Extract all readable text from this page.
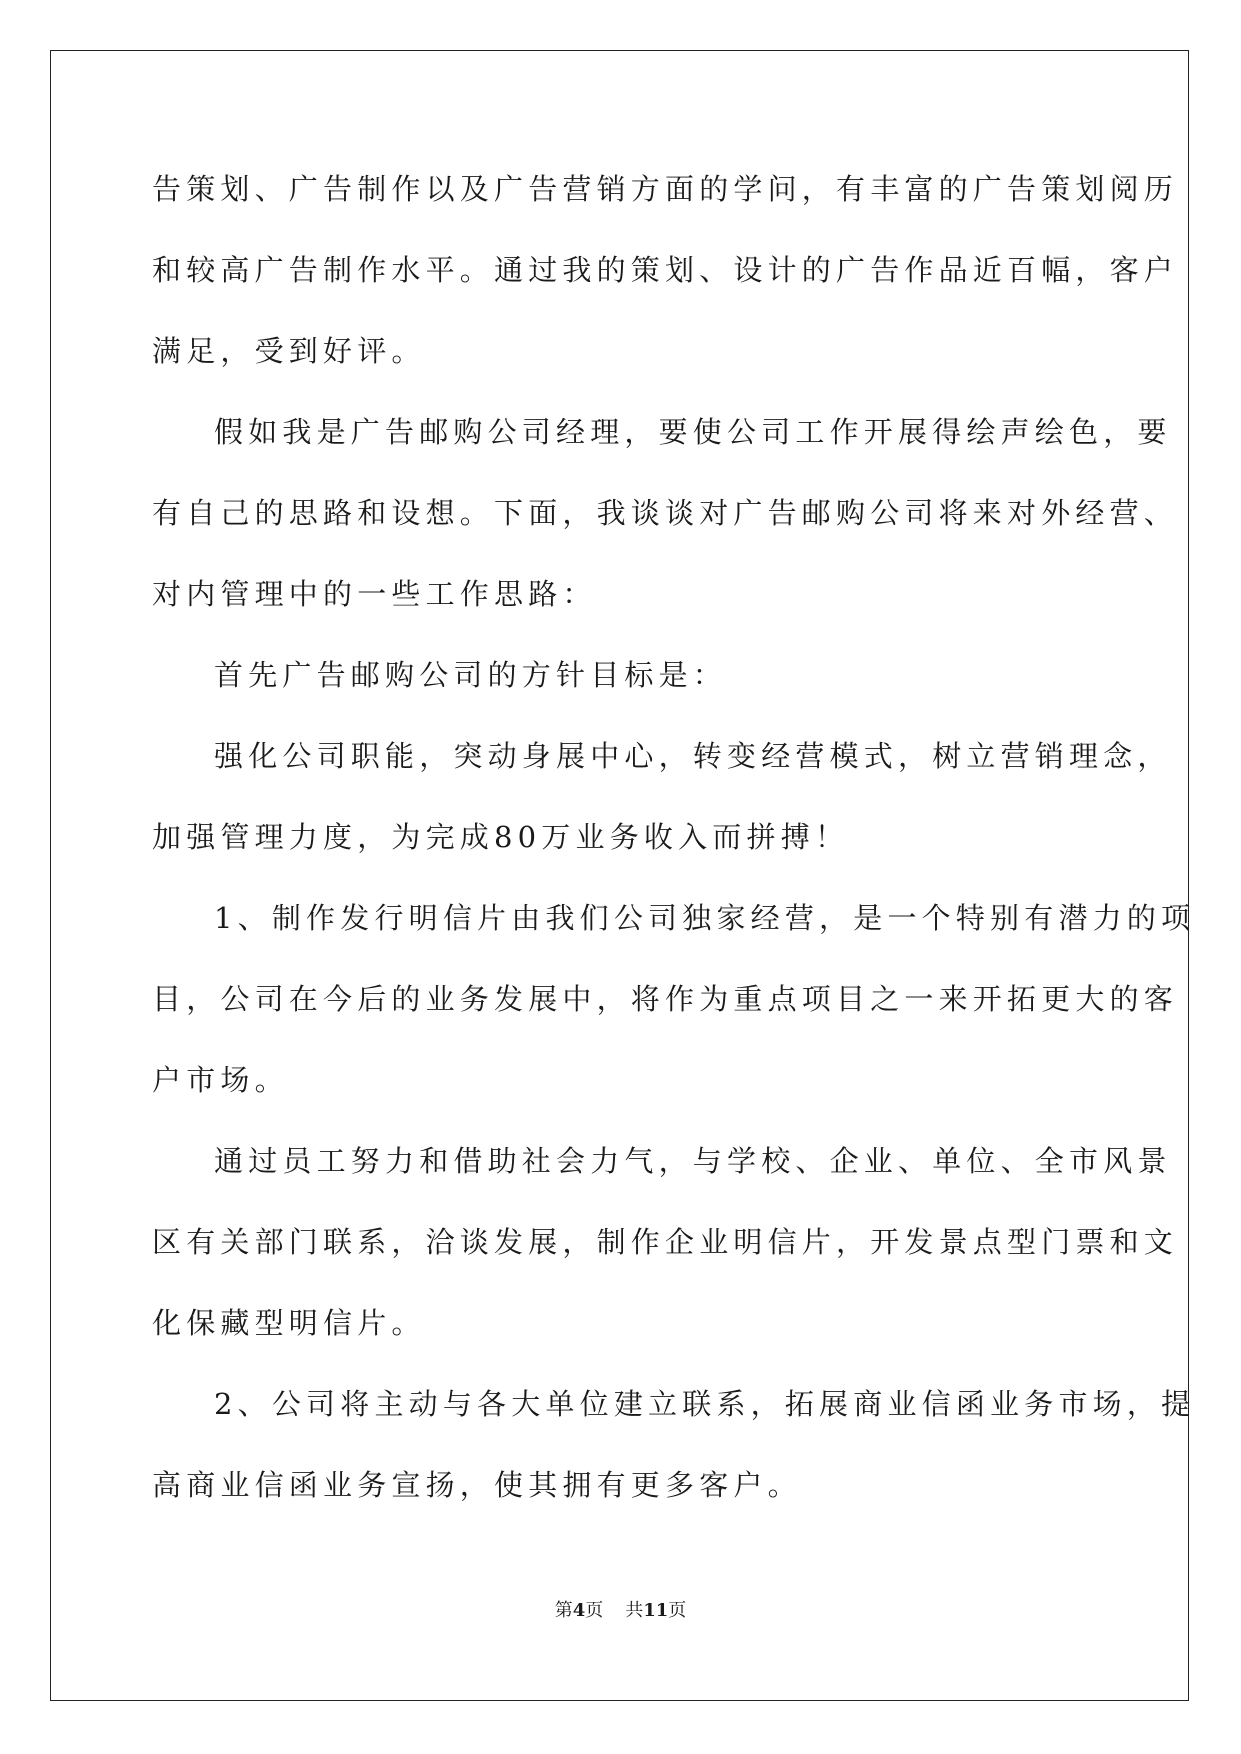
告策划、广告制作以及广告营销方面的学问，有丰富的广告策划阅历

和较高广告制作水平。通过我的策划、设计的广告作品近百幅，客户

满足，受到好评。

假如我是广告邮购公司经理，要使公司工作开展得绘声绘色，要

有自己的思路和设想。下面，我谈谈对广告邮购公司将来对外经营、

对内管理中的一些工作思路：

首先广告邮购公司的方针目标是：

强化公司职能，突动身展中心，转变经营模式，树立营销理念，

加强管理力度，为完成80万业务收入而拼搏！

1、制作发行明信片由我们公司独家经营，是一个特别有潜力的项

目，公司在今后的业务发展中，将作为重点项目之一来开拓更大的客

户市场。

通过员工努力和借助社会力气，与学校、企业、单位、全市风景

区有关部门联系，洽谈发展，制作企业明信片，开发景点型门票和文

化保藏型明信片。

2、公司将主动与各大单位建立联系，拓展商业信函业务市场，提

高商业信函业务宣扬，使其拥有更多客户。

第4页 共11页
